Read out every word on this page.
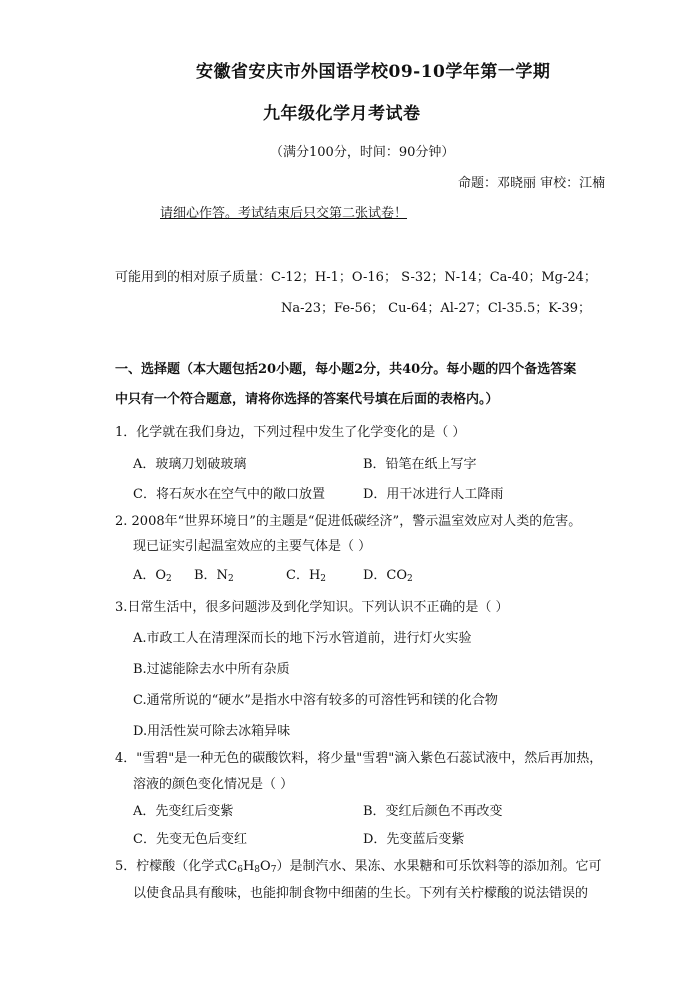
安徽省安庆市外国语学校09-10学年第一学期
九年级化学月考试卷
（满分100分，时间：90分钟）
命题：邓晓丽 审校：江楠
请细心作答。考试结束后只交第二张试卷！
可能用到的相对原子质量：C-12；H-1；O-16； S-32；N-14；Ca-40；Mg-24；
Na-23；Fe-56； Cu-64；Al-27；Cl-35.5；K-39；
一、选择题（本大题包括20小题，每小题2分，共40分。每小题的四个备选答案
中只有一个符合题意，请将你选择的答案代号填在后面的表格内。）
1．化学就在我们身边，下列过程中发生了化学变化的是（ ）
A．玻璃刀划破玻璃	B．铅笔在纸上写字
C．将石灰水在空气中的敞口放置	D．用干冰进行人工降雨
2. 2008年“世界环境日”的主题是“促进低碳经济”，警示温室效应对人类的危害。
现已证实引起温室效应的主要气体是（ ）
A．$O_2$ B．$N_2$	C．$H_2$	D．$CO_2$
3.日常生活中，很多问题涉及到化学知识。下列认识不正确的是（ ）
A.市政工人在清理深而长的地下污水管道前，进行灯火实验
B.过滤能除去水中所有杂质
C.通常所说的“硬水”是指水中溶有较多的可溶性钙和镁的化合物
D.用活性炭可除去冰箱异味
4．"雪碧"是一种无色的碳酸饮料，将少量"雪碧"滴入紫色石蕊试液中，然后再加热，
溶液的颜色变化情况是（ ）
A．先变红后变紫	B．变红后颜色不再改变
C．先变无色后变红	D．先变蓝后变紫
5．柠檬酸（化学式$C_6H_8O_7$）是制汽水、果冻、水果糖和可乐饮料等的添加剂。它可
以使食品具有酸味，也能抑制食物中细菌的生长。下列有关柠檬酸的说法错误的
